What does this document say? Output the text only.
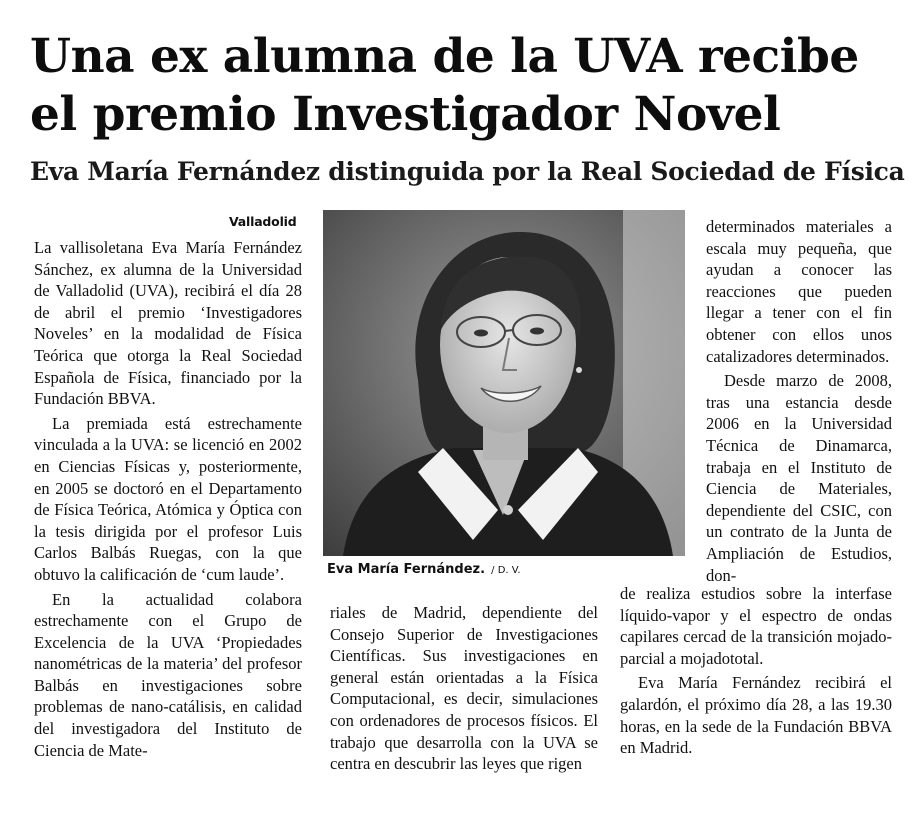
Una ex alumna de la UVA recibe
el premio Investigador Novel
Eva María Fernández distinguida por la Real Sociedad de Física
Valladolid
Eva María Fernández. / D. V.

La vallisoletana Eva María Fernández Sánchez, ex alumna de la Universidad de Valladolid (UVA), recibirá el día 28 de abril el premio ‘Investigadores Noveles’ en la modalidad de Física Teórica que otorga la Real Sociedad Española de Física, financiado por la Fundación BBVA.

La premiada está estrechamente vinculada a la UVA: se licenció en 2002 en Ciencias Físicas y, posteriormente, en 2005 se doctoró en el Departamento de Física Teórica, Atómica y Óptica con la tesis dirigida por el profesor Luis Carlos Balbás Ruegas, con la que obtuvo la calificación de ‘cum laude’.

En la actualidad colabora estrechamente con el Grupo de Excelencia de la UVA ‘Propiedades nanométricas de la materia’ del profesor Balbás en investigaciones sobre problemas de nano-catálisis, en calidad del investigadora del Instituto de Ciencia de Mate-

riales de Madrid, dependiente del Consejo Superior de Investigaciones Científicas. Sus investigaciones en general están orientadas a la Física Computacional, es decir, simulaciones con ordenadores de procesos físicos. El trabajo que desarrolla con la UVA se centra en descubrir las leyes que rigen

determinados materiales a escala muy pequeña, que ayudan a conocer las reacciones que pueden llegar a tener con el fin obtener con ellos unos catalizadores determinados.

Desde marzo de 2008, tras una estancia desde 2006 en la Universidad Técnica de Dinamarca, trabaja en el Instituto de Ciencia de Materiales, dependiente del CSIC, con un contrato de la Junta de Ampliación de Estudios, don-

de realiza estudios sobre la interfase líquido-vapor y el espectro de ondas capilares cercad de la transición mojado-parcial a mojadototal.

Eva María Fernández recibirá el galardón, el próximo día 28, a las 19.30 horas, en la sede de la Fundación BBVA en Madrid.
